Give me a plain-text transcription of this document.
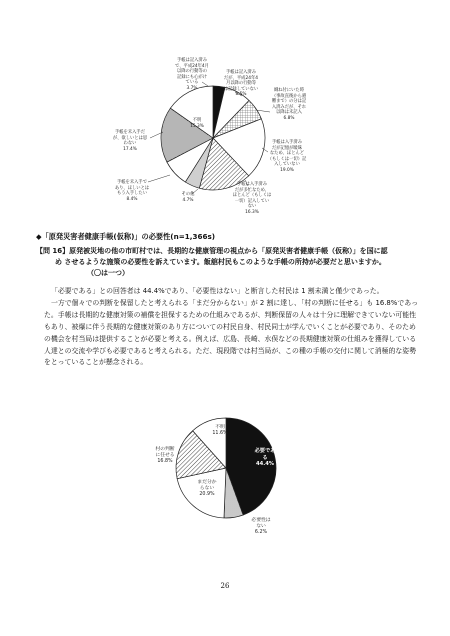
手帳は記入済み
で、平成24年4月
以降の行動等の
記録にも心がけ
ている
3.7%
手帳は記入済み
だが、平成24年4
月以降の行動等
は記録していない
8.5%
織ね付にいた時
（事故直後から避
難まで）の分は記
入済みだが、それ
以降は未記入
6.8%
手帳は入手済み
だが記憶が曖昧
なため、ほとんど
（もしくは一切）記
入していない
19.0%
手帳は入手済み
だが多忙なため、
ほとんど（もしくは
一切）記入してい
ない
16.3%
その他
4.7%
手帳を未入手で
あり、ほしいとは
もう入手したい
8.4%
手帳を未入手だ
が、欲しいとは思
わない
17.4%
不明
15.3%
◆「原発災害者健康手帳(仮称)」の必要性(n=1,366s)
【問 16】原発被災地の他の市町村では、長期的な健康管理の視点から「原発災害者健康手帳（仮称）」を国に認
め させるような施策の必要性を訴えています。飯舘村民もこのような手帳の所持が必要だと思いますか。
（〇は一つ）

「必要である」との回答者は 44.4%であり、「必要性はない」と断言した村民は 1 割未満と僅少であった。

一方で個々での判断を保留したと考えられる「まだ分からない」が 2 割に達し、「村の判断に任せる」も 16.8%であった。手帳は長期的な健康対策の補償を担保するための仕組みであるが、判断保留の人々は十分に理解できていない可能性もあり、被爆に伴う長期的な健康対策のあり方についての村民自身、村民同士が学んでいくことが必要であり、そのための機会を村当局は提供することが必要と考える。例えば、広島、長崎、水俣などの長期健康対策の仕組みを獲得している人達との交流や学びも必要であると考えられる。ただ、現段階では村当局が、この種の手帳の交付に関して消極的な姿勢をとっていることが懸念される。

必要であ
る
44.4%
必要性は
ない
6.2%
まだ分か
らない
20.9%
村の判断
に任せる
16.8%
不明
11.6%
26
